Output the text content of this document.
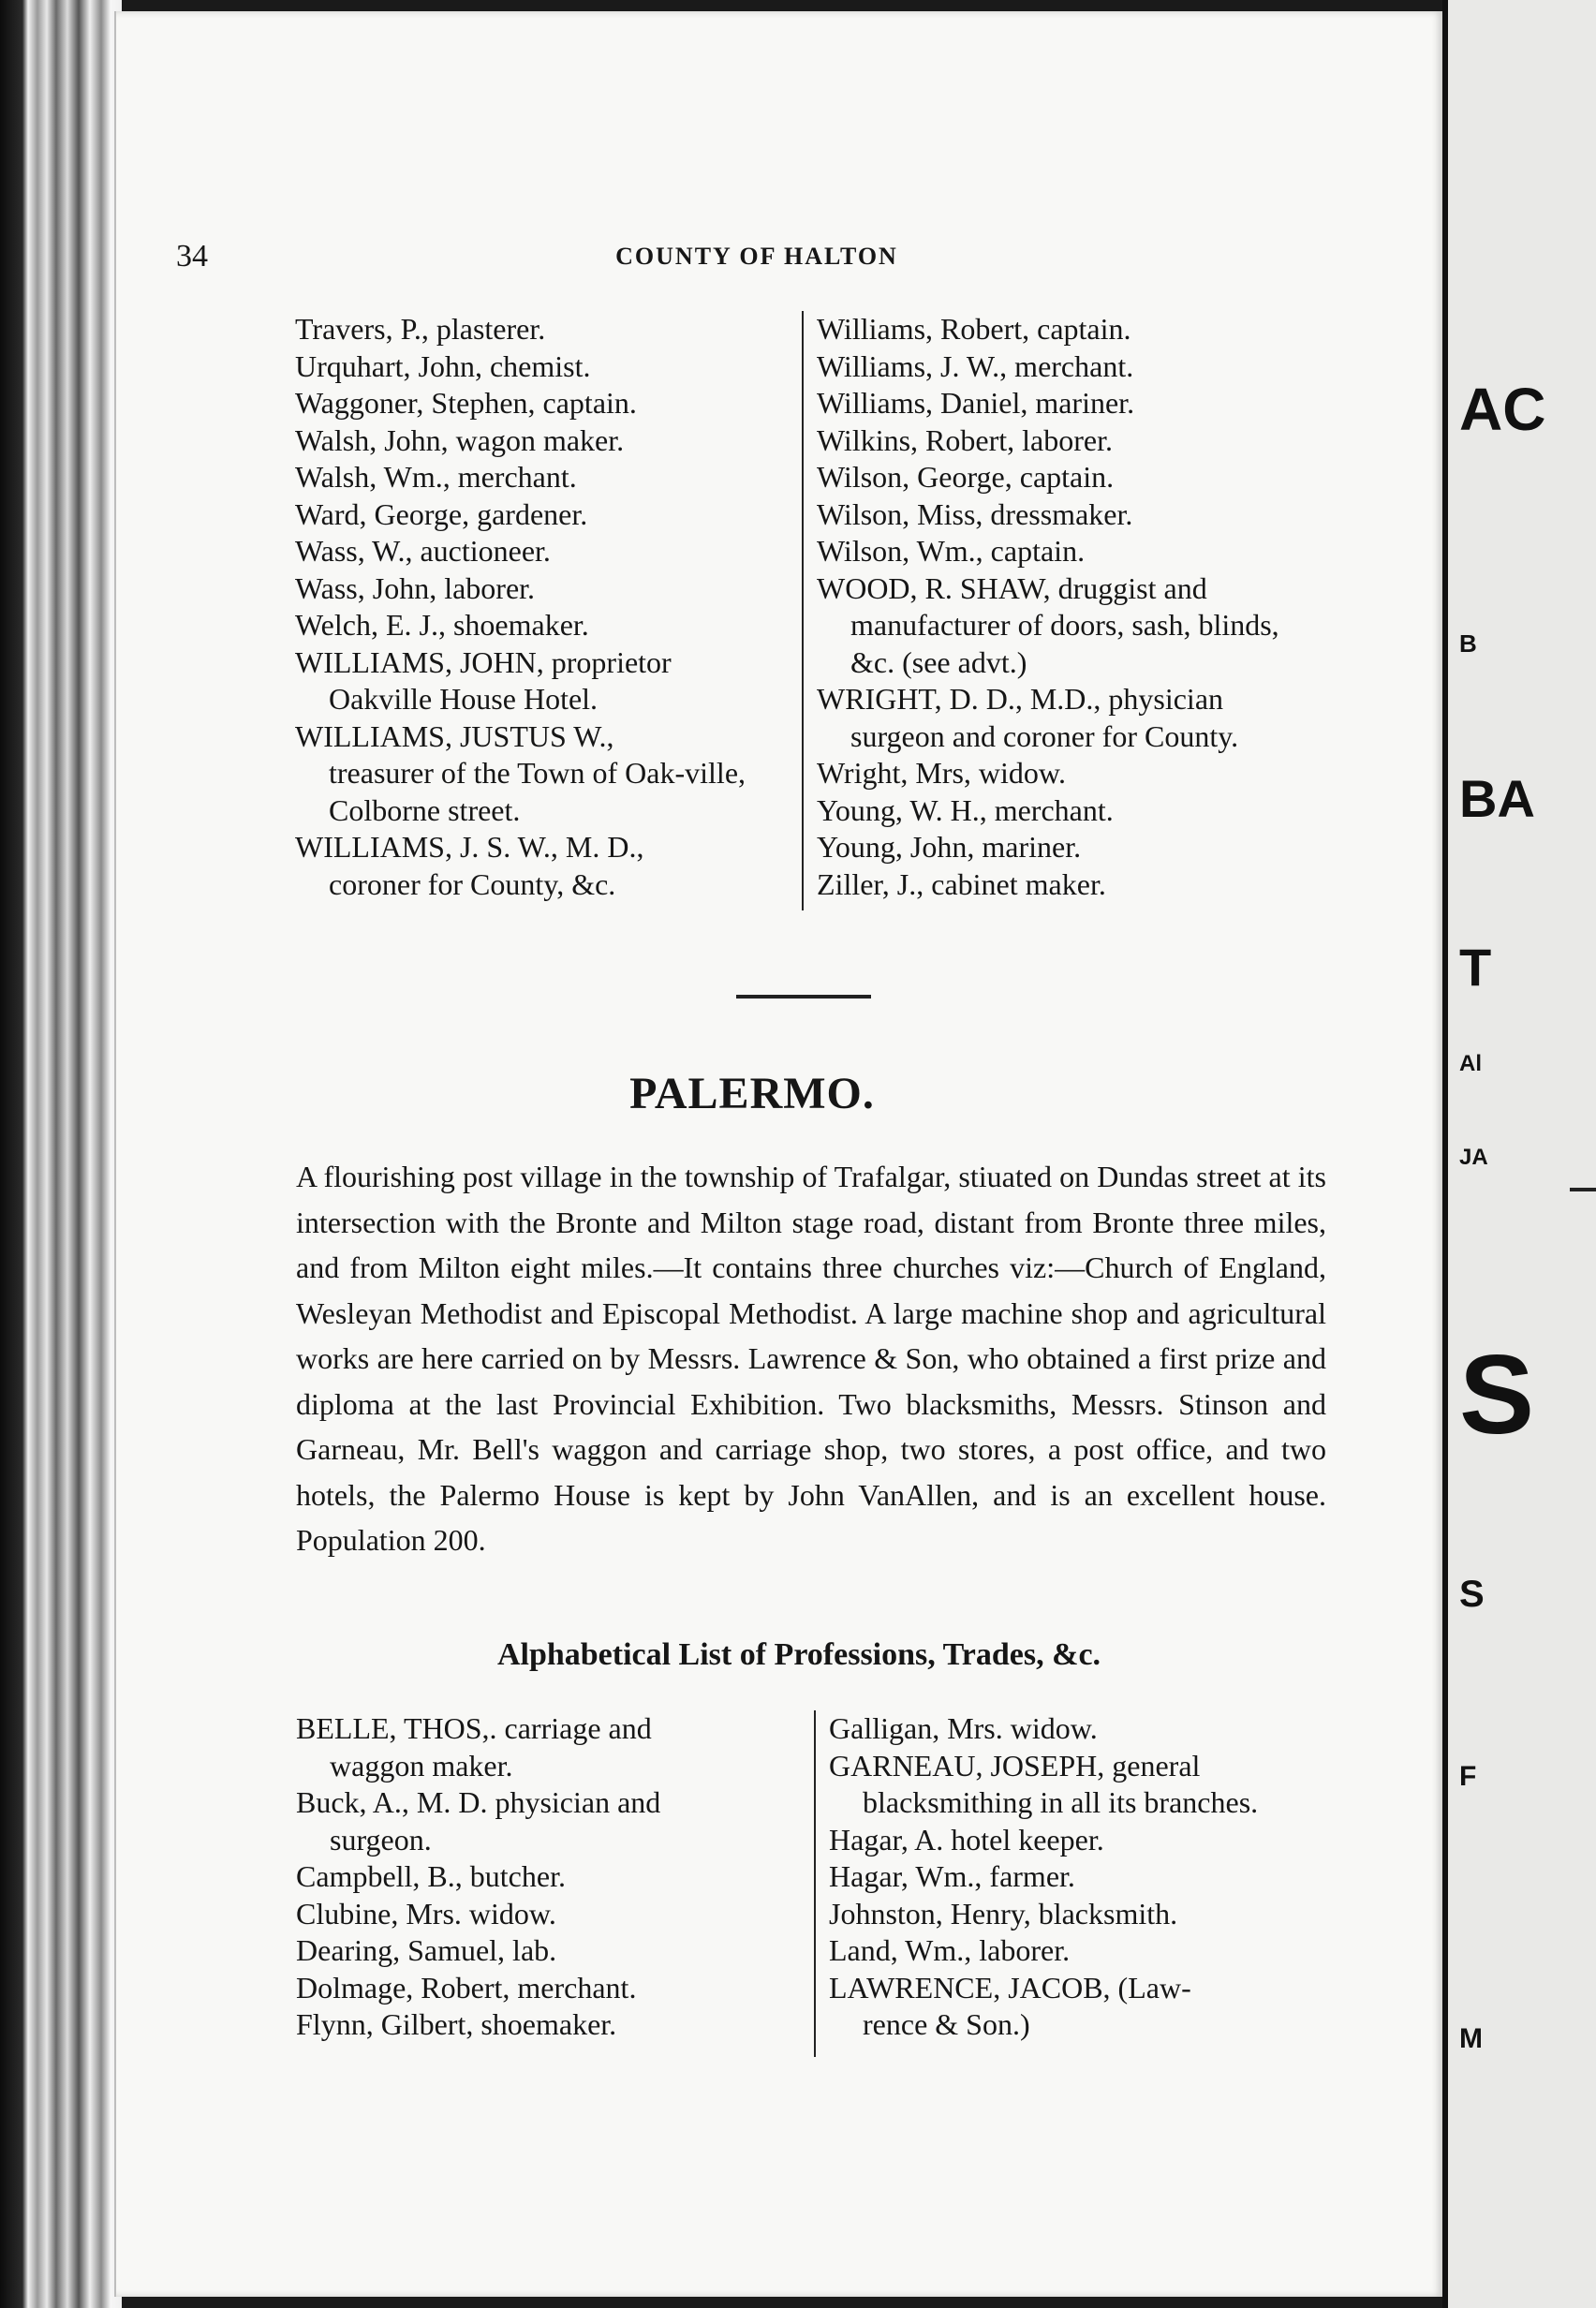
34	COUNTY OF HALTON

Travers, P., plasterer.

Urquhart, John, chemist.

Waggoner, Stephen, captain.

Walsh, John, wagon maker.

Walsh, Wm., merchant.

Ward, George, gardener.

Wass, W., auctioneer.

Wass, John, laborer.

Welch, E. J., shoemaker.

WILLIAMS, JOHN, proprietor
Oakville House Hotel.

WILLIAMS, JUSTUS W.,
treasurer of the Town of Oak-ville, Colborne street.

WILLIAMS, J. S. W., M. D.,
coroner for County, &c.

Williams, Robert, captain.

Williams, J. W., merchant.

Williams, Daniel, mariner.

Wilkins, Robert, laborer.

Wilson, George, captain.

Wilson, Miss, dressmaker.

Wilson, Wm., captain.

WOOD, R. SHAW, druggist and
manufacturer of doors, sash, blinds, &c. (see advt.)

WRIGHT, D. D., M.D., physician
surgeon and coroner for County.

Wright, Mrs, widow.

Young, W. H., merchant.

Young, John, mariner.

Ziller, J., cabinet maker.

PALERMO.

A flourishing post village in the township of Trafalgar, stiuated on Dundas street at its intersection with the Bronte and Milton stage road, distant from Bronte three miles, and from Milton eight miles.—It contains three churches viz:—Church of England, Wesleyan Methodist and Episcopal Methodist. A large machine shop and agricultural works are here carried on by Messrs. Lawrence & Son, who obtained a first prize and diploma at the last Provincial Exhibition. Two blacksmiths, Messrs. Stinson and Garneau, Mr. Bell's waggon and carriage shop, two stores, a post office, and two hotels, the Palermo House is kept by John VanAllen, and is an excellent house. Population 200.

Alphabetical List of Professions, Trades, &c.

BELLE, THOS,. carriage and
waggon maker.

Buck, A., M. D. physician and
surgeon.

Campbell, B., butcher.

Clubine, Mrs. widow.

Dearing, Samuel, lab.

Dolmage, Robert, merchant.

Flynn, Gilbert, shoemaker.

Galligan, Mrs. widow.

GARNEAU, JOSEPH, general
blacksmithing in all its branches.

Hagar, A. hotel keeper.

Hagar, Wm., farmer.

Johnston, Henry, blacksmith.

Land, Wm., laborer.

LAWRENCE, JACOB, (Law-
rence & Son.)

AC
B
BA
T
Al
JA
S
S
F
M
